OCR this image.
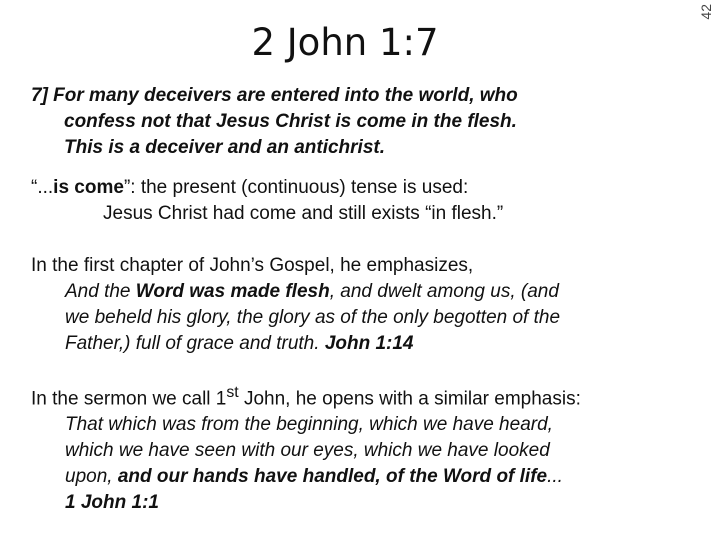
42
2 John 1:7
7] For many deceivers are entered into the world, who
confess not that Jesus Christ is come in the flesh.
This is a deceiver and an antichrist.
“...is come”: the present (continuous) tense is used:
Jesus Christ had come and still exists “in flesh.”
In the first chapter of John’s Gospel, he emphasizes,
And the Word was made flesh, and dwelt among us, (and
we beheld his glory, the glory as of the only begotten of the
Father,) full of grace and truth. John 1:14
In the sermon we call 1st John, he opens with a similar emphasis:
That which was from the beginning, which we have heard,
which we have seen with our eyes, which we have looked
upon, and our hands have handled, of the Word of life...
1 John 1:1
